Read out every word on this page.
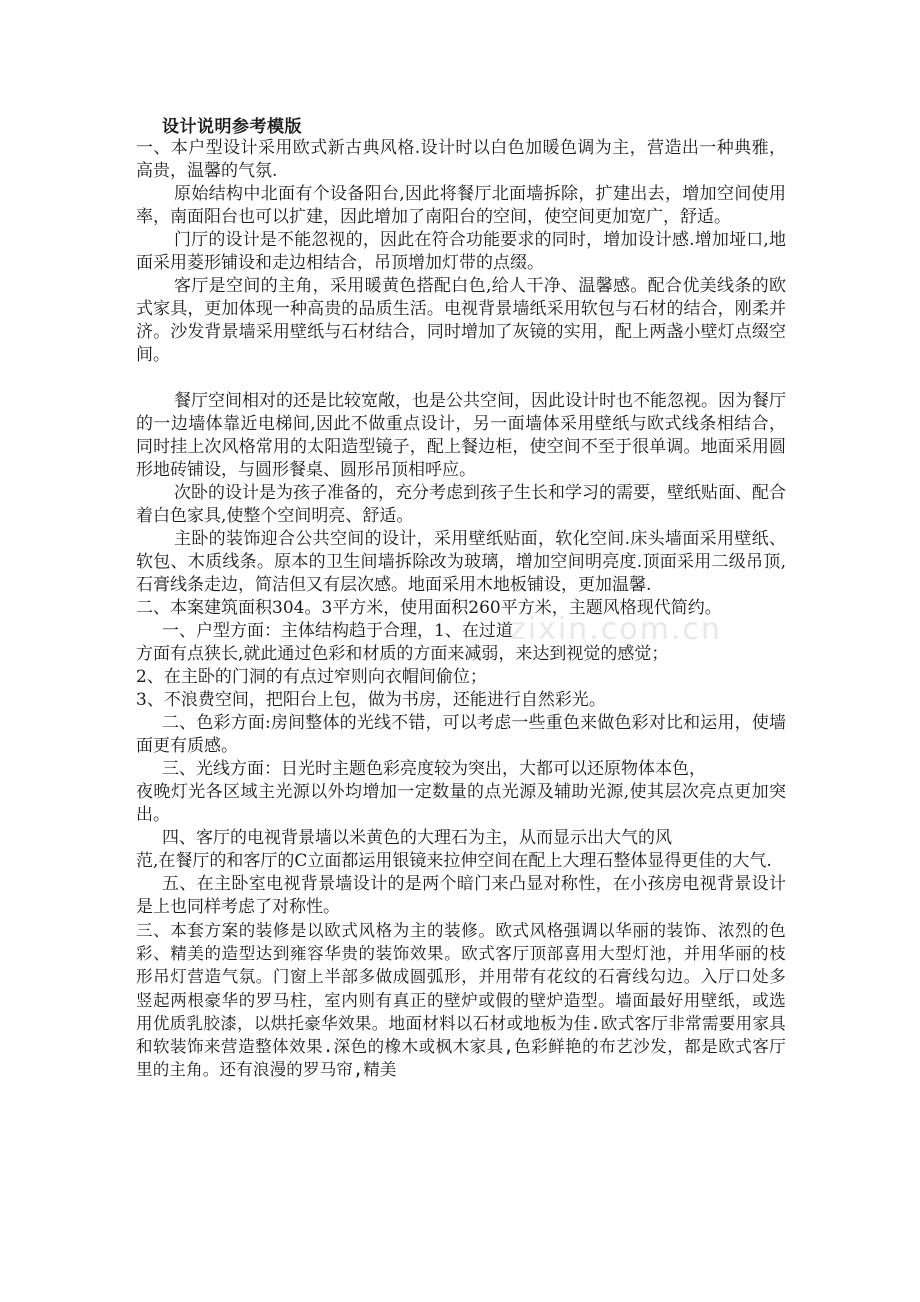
设计说明参考模版

一、本户型设计采用欧式新古典风格.设计时以白色加暖色调为主，营造出一种典雅，高贵，温馨的气氛.

原始结构中北面有个设备阳台,因此将餐厅北面墙拆除，扩建出去，增加空间使用率，南面阳台也可以扩建，因此增加了南阳台的空间，使空间更加宽广，舒适。

门厅的设计是不能忽视的，因此在符合功能要求的同时，增加设计感.增加垭口,地面采用菱形铺设和走边相结合，吊顶增加灯带的点缀。

客厅是空间的主角，采用暖黄色搭配白色,给人干净、温馨感。配合优美线条的欧式家具，更加体现一种高贵的品质生活。电视背景墙纸采用软包与石材的结合，刚柔并济。沙发背景墙采用壁纸与石材结合，同时增加了灰镜的实用，配上两盏小壁灯点缀空间。

餐厅空间相对的还是比较宽敞，也是公共空间，因此设计时也不能忽视。因为餐厅的一边墙体靠近电梯间,因此不做重点设计，另一面墙体采用壁纸与欧式线条相结合，同时挂上次风格常用的太阳造型镜子，配上餐边柜，使空间不至于很单调。地面采用圆形地砖铺设，与圆形餐桌、圆形吊顶相呼应。

次卧的设计是为孩子准备的，充分考虑到孩子生长和学习的需要，壁纸贴面、配合着白色家具,使整个空间明亮、舒适。

主卧的装饰迎合公共空间的设计，采用壁纸贴面，软化空间.床头墙面采用壁纸、软包、木质线条。原本的卫生间墙拆除改为玻璃，增加空间明亮度.顶面采用二级吊顶,石膏线条走边，简洁但又有层次感。地面采用木地板铺设，更加温馨.

二、本案建筑面积304。3平方米，使用面积260平方米，主题风格现代简约。

一、户型方面：主体结构趋于合理，1、在过道

方面有点狭长,就此通过色彩和材质的方面来减弱，来达到视觉的感觉；

2、在主卧的门洞的有点过窄则向衣帽间偷位；

3、不浪费空间，把阳台上包，做为书房，还能进行自然彩光。

二、色彩方面:房间整体的光线不错，可以考虑一些重色来做色彩对比和运用，使墙面更有质感。

三、光线方面：日光时主题色彩亮度较为突出，大都可以还原物体本色，

夜晚灯光各区域主光源以外均增加一定数量的点光源及辅助光源,使其层次亮点更加突出。

四、客厅的电视背景墙以米黄色的大理石为主，从而显示出大气的风

范,在餐厅的和客厅的C立面都运用银镜来拉伸空间在配上大理石整体显得更佳的大气.

五、在主卧室电视背景墙设计的是两个暗门来凸显对称性，在小孩房电视背景设计是上也同样考虑了对称性。

三、本套方案的装修是以欧式风格为主的装修。欧式风格强调以华丽的装饰、浓烈的色彩、精美的造型达到雍容华贵的装饰效果。欧式客厅顶部喜用大型灯池，并用华丽的枝形吊灯营造气氛。门窗上半部多做成圆弧形，并用带有花纹的石膏线勾边。入厅口处多竖起两根豪华的罗马柱，室内则有真正的壁炉或假的壁炉造型。墙面最好用壁纸，或选用优质乳胶漆，以烘托豪华效果。地面材料以石材或地板为佳.欧式客厅非常需要用家具和软装饰来营造整体效果.深色的橡木或枫木家具,色彩鲜艳的布艺沙发，都是欧式客厅里的主角。还有浪漫的罗马帘,精美

zixin.com.cn
